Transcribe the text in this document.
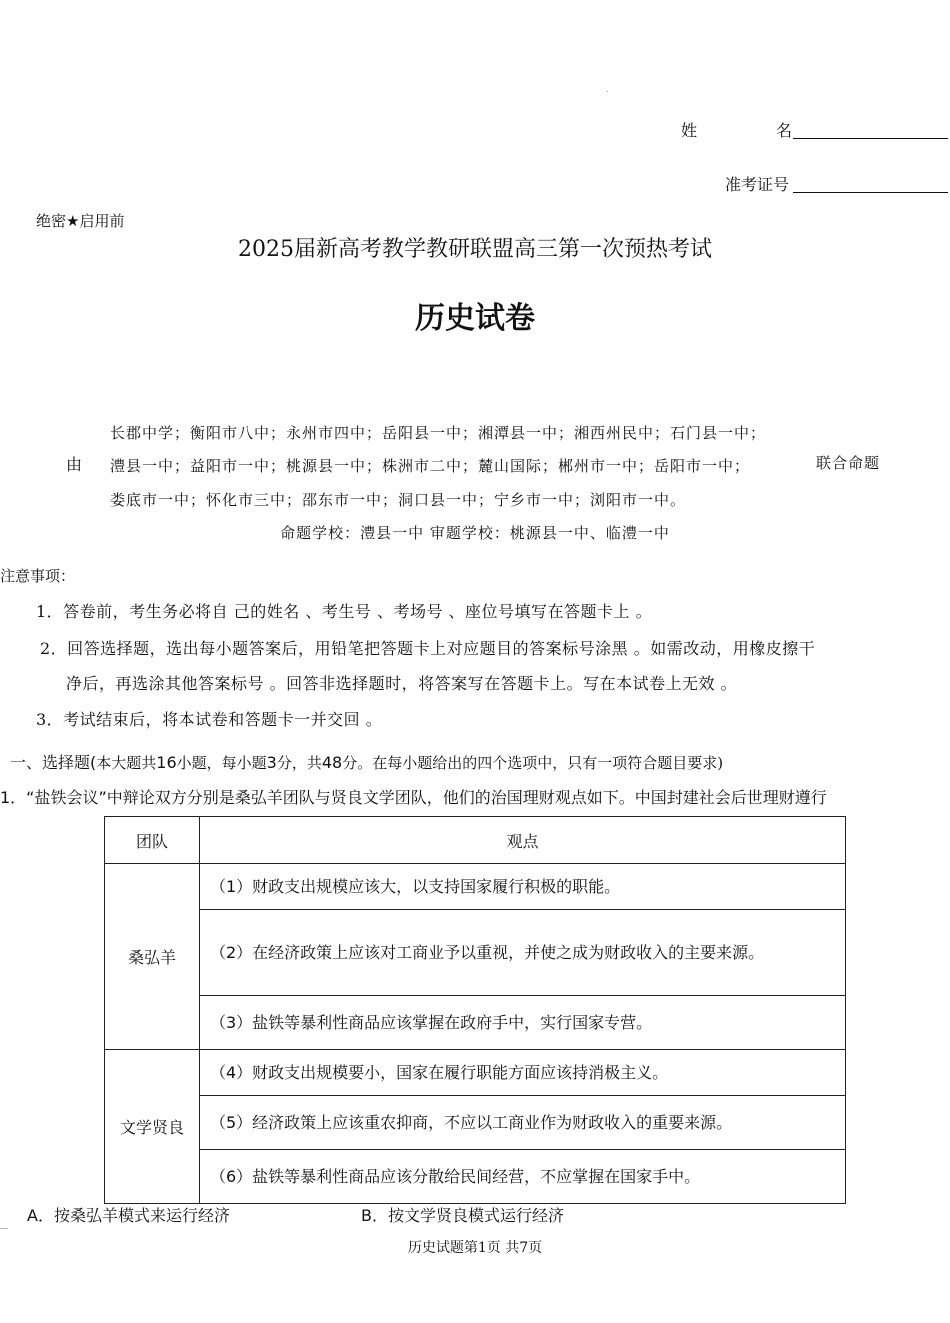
姓	名
准考证号
绝密★启用前
2025届新高考教学教研联盟高三第一次预热考试
历史试卷
由
长郡中学；衡阳市八中；永州市四中；岳阳县一中；湘潭县一中；湘西州民中；石门县一中；
澧县一中；益阳市一中；桃源县一中；株洲市二中；麓山国际；郴州市一中；岳阳市一中；
娄底市一中；怀化市三中；邵东市一中；洞口县一中；宁乡市一中；浏阳市一中。
联合命题
命题学校：澧县一中 审题学校：桃源县一中、临澧一中
注意事项：
1．答卷前，考生务必将自 己的姓名 、考生号 、考场号 、座位号填写在答题卡上 。
2．回答选择题，选出每小题答案后，用铅笔把答题卡上对应题目的答案标号涂黑 。如需改动，用橡皮擦干
净后，再选涂其他答案标号 。回答非选择题时，将答案写在答题卡上。写在本试卷上无效 。
3．考试结束后，将本试卷和答题卡一并交回 。
一、选择题(本大题共16小题，每小题3分，共48分。在每小题给出的四个选项中，只有一项符合题目要求)
1．“盐铁会议”中辩论双方分别是桑弘羊团队与贤良文学团队，他们的治国理财观点如下。中国封建社会后世理财遵行
团队	观点
桑弘羊	（1）财政支出规模应该大，以支持国家履行积极的职能。
	（2）在经济政策上应该对工商业予以重视，并使之成为财政收入的主要来源。
	（3）盐铁等暴利性商品应该掌握在政府手中，实行国家专营。
文学贤良	（4）财政支出规模要小，国家在履行职能方面应该持消极主义。
	（5）经济政策上应该重农抑商，不应以工商业作为财政收入的重要来源。
	（6）盐铁等暴利性商品应该分散给民间经营，不应掌握在国家手中。
A．按桑弘羊模式来运行经济	B．按文学贤良模式运行经济
历史试题第1页 共7页
